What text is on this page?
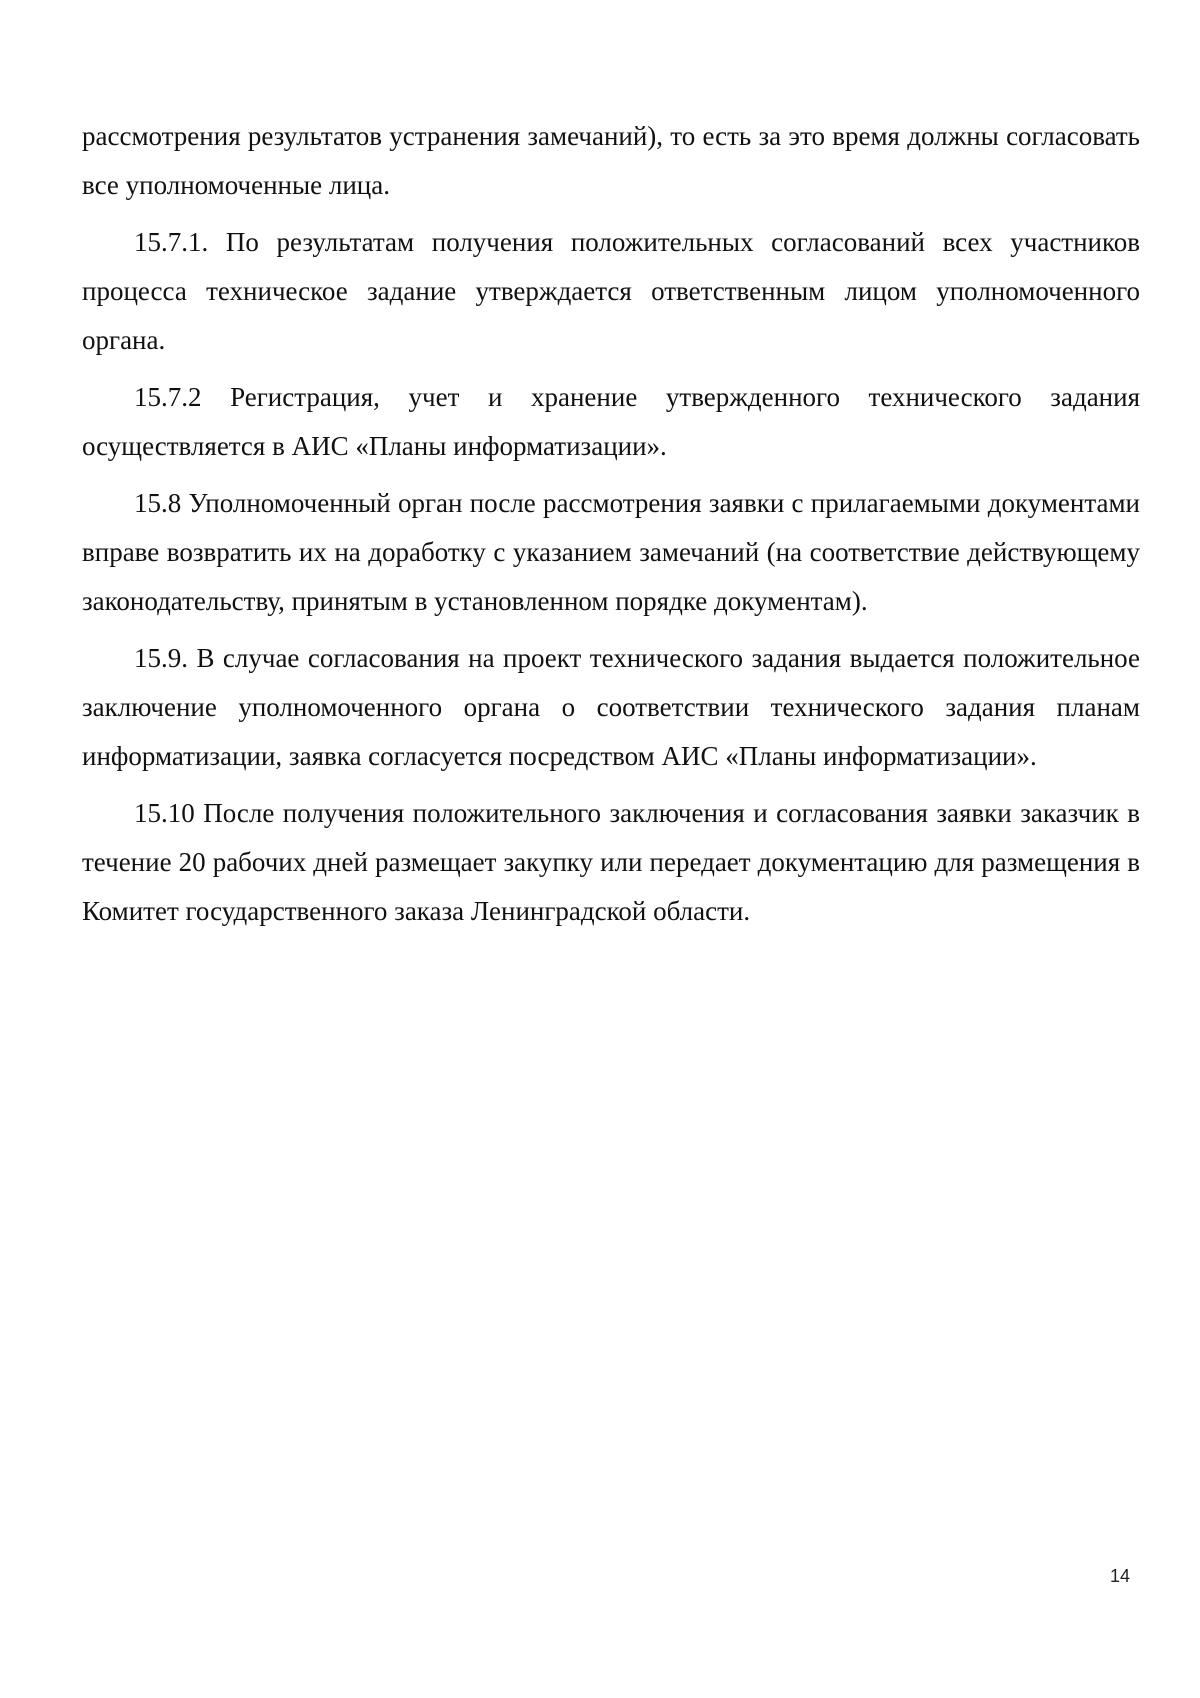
рассмотрения результатов устранения замечаний), то есть за это время должны согласовать все уполномоченные лица.

15.7.1. По результатам получения положительных согласований всех участников процесса техническое задание утверждается ответственным лицом уполномоченного органа.

15.7.2 Регистрация, учет и хранение утвержденного технического задания осуществляется в АИС «Планы информатизации».

15.8 Уполномоченный орган после рассмотрения заявки с прилагаемыми документами вправе возвратить их на доработку с указанием замечаний (на соответствие действующему законодательству, принятым в установленном порядке документам).

15.9. В случае согласования на проект технического задания выдается положительное заключение уполномоченного органа о соответствии технического задания планам информатизации, заявка согласуется посредством АИС «Планы информатизации».

15.10 После получения положительного заключения и согласования заявки заказчик в течение 20 рабочих дней размещает закупку или передает документацию для размещения в Комитет государственного заказа Ленинградской области.

14
